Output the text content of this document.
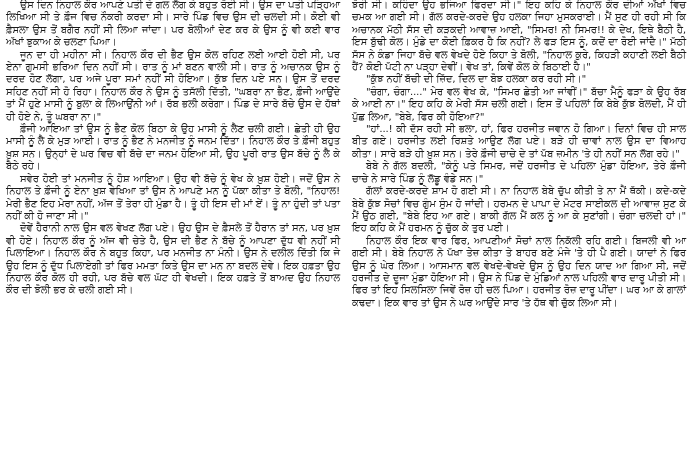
ਉਸ ਦਿਨ ਨਿਹਾਲ ਕੌਰ ਆਪਣੇ ਪਤੀ ਦੇ ਗਲ ਲੱਗ ਕੇ ਬਹੁਤ ਰੋਈ ਸੀ। ਉਸ ਦਾ ਪਤੀ ਪੜ੍ਹਿਆ ਲਿਖਿਆ ਸੀ ਤੇ ਫ਼ੌਜ ਵਿਚ ਨੌਕਰੀ ਕਰਦਾ ਸੀ। ਸਾਰੇ ਪਿੰਡ ਵਿਚ ਉਸ ਦੀ ਚਲਦੀ ਸੀ। ਕੋਈ ਵੀ ਫ਼ੈਸਲਾ ਉਸ ਤੋਂ ਬਗੈਰ ਨਹੀਂ ਸੀ ਲਿਆ ਜਾਂਦਾ। ਪਰ ਬੋਲੀਆਂ ਦੇਣ ਕਰ ਕੇ ਉਸ ਨੂੰ ਵੀ ਕਈ ਵਾਰ ਅੱਖਾਂ ਝੁਕਾਅ ਕੇ ਚਲਣਾ ਪਿਆ।

ਜੂਨ ਦਾ ਹੀ ਮਹੀਨਾ ਸੀ। ਨਿਹਾਲ ਕੌਰ ਦੀ ਭੈਣ ਉਸ ਕੋਲ ਰਹਿਣ ਲਈ ਆਈ ਹੋਈ ਸੀ, ਪਰ ਏਨਾ ਗੁਮਸੀ ਭਰਿਆ ਦਿਨ ਨਹੀਂ ਸੀ। ਰਾਤ ਨੂੰ ਮਾਂ ਬਣਨ ਵਾਲੀ ਸੀ। ਰਾਤ ਨੂੰ ਅਚਾਨਕ ਉਸ ਨੂੰ ਦਰਦ ਹੋਣ ਲੱਗਾ, ਪਰ ਅਜੇ ਪੂਰਾ ਸਮਾਂ ਨਹੀਂ ਸੀ ਹੋਇਆ। ਕੁੱਝ ਦਿਨ ਪਏ ਸਨ। ਉਸ ਤੋਂ ਦਰਦ ਸਹਿਣ ਨਹੀਂ ਸੀ ਹੋ ਰਿਹਾ। ਨਿਹਾਲ ਕੌਰ ਨੇ ਉਸ ਨੂੰ ਤਸੱਲੀ ਦਿੱਤੀ, "ਘਬਰਾ ਨਾ ਭੈਣ, ਫ਼ੌਜੀ ਆਉਂਦੇ ਤਾਂ ਮੈਂ ਹੁਣੇ ਮਾਸੀ ਨੂੰ ਬੁਲਾ ਕੇ ਲਿਆਉਂਨੀ ਆਂ। ਰੱਬ ਭਲੀ ਕਰੇਗਾ। ਪਿੰਡ ਦੇ ਸਾਰੇ ਬੱਚੇ ਉਸ ਦੇ ਹੱਥਾਂ ਹੀ ਹੋਏ ਨੇ, ਤੂੰ ਘਬਰਾ ਨਾ।"

ਫ਼ੌਜੀ ਆਇਆ ਤਾਂ ਉਸ ਨੂੰ ਭੈਣ ਕੋਲ ਬਿਠਾ ਕੇ ਉਹ ਮਾਸੀ ਨੂੰ ਲੈਣ ਚਲੀ ਗਈ। ਛੇਤੀ ਹੀ ਉਹ ਮਾਸੀ ਨੂੰ ਲੈ ਕੇ ਮੁੜ ਆਈ। ਰਾਤ ਨੂੰ ਭੈਣ ਨੇ ਮਨਜੀਤ ਨੂੰ ਜਨਮ ਦਿੱਤਾ। ਨਿਹਾਲ ਕੌਰ ਤੇ ਫ਼ੌਜੀ ਬਹੁਤ ਖ਼ੁਸ਼ ਸਨ। ਉਨ੍ਹਾਂ ਦੇ ਘਰ ਵਿਚ ਵੀ ਬੱਚੇ ਦਾ ਜਨਮ ਹੋਇਆ ਸੀ, ਉਹ ਪੂਰੀ ਰਾਤ ਉਸ ਬੱਚੇ ਨੂੰ ਲੈ ਕੇ ਬੈਠੇ ਰਹੇ।

ਸਵੇਰ ਹੋਈ ਤਾਂ ਮਨਜੀਤ ਨੂੰ ਹੋਸ਼ ਆਇਆ। ਉਹ ਵੀ ਬੱਚੇ ਨੂੰ ਵੇਖ ਕੇ ਖ਼ੁਸ਼ ਹੋਈ। ਜਦੋਂ ਉਸ ਨੇ ਨਿਹਾਲ ਤੇ ਫ਼ੌਜੀ ਨੂੰ ਏਨਾ ਖ਼ੁਸ਼ ਵੇਖਿਆ ਤਾਂ ਉਸ ਨੇ ਆਪਣੇ ਮਨ ਨੂੰ ਪੱਕਾ ਕੀਤਾ ਤੇ ਬੋਲੀ, "ਨਿਹਾਲ! ਮੇਰੀ ਭੈਣ ਇਹ ਮੇਰਾ ਨਹੀਂ, ਅੱਜ ਤੋਂ ਤੇਰਾ ਹੀ ਮੁੰਡਾ ਹੈ। ਤੂੰ ਹੀ ਇਸ ਦੀ ਮਾਂ ਏਂ। ਤੂੰ ਨਾ ਹੁੰਦੀ ਤਾਂ ਪਤਾ ਨਹੀਂ ਕੀ ਹੋ ਜਾਣਾ ਸੀ।"

ਦੋਵੇਂ ਹੈਰਾਨੀ ਨਾਲ ਉਸ ਵਲ ਵੇਖਣ ਲੱਗ ਪਏ। ਉਹ ਉਸ ਦੇ ਫ਼ੈਸਲੇ ਤੋਂ ਹੈਰਾਨ ਤਾਂ ਸਨ, ਪਰ ਖ਼ੁਸ਼ ਵੀ ਹੋਏ। ਨਿਹਾਲ ਕੌਰ ਨੂੰ ਅੱਜ ਵੀ ਚੇਤੇ ਹੈ, ਉਸ ਦੀ ਭੈਣ ਨੇ ਬੱਚੇ ਨੂੰ ਆਪਣਾ ਦੁੱਧ ਵੀ ਨਹੀਂ ਸੀ ਪਿਲਾਇਆ। ਨਿਹਾਲ ਕੌਰ ਨੇ ਬਹੁਤ ਕਿਹਾ, ਪਰ ਮਨਜੀਤ ਨਾ ਮੰਨੀ। ਉਸ ਨੇ ਦਲੀਲ ਦਿੱਤੀ ਕਿ ਜੇ ਉਹ ਇਸ ਨੂੰ ਦੁੱਧ ਪਿਲਾਏਗੀ ਤਾਂ ਫਿਰ ਮਮਤਾ ਕਿਤੇ ਉਸ ਦਾ ਮਨ ਨਾ ਬਦਲ ਦੇਵੇ। ਇਕ ਹਫ਼ਤਾ ਉਹ ਨਿਹਾਲ ਕੌਰ ਕੋਲ ਹੀ ਰਹੀ, ਪਰ ਬੱਚੇ ਵਲ ਘੱਟ ਹੀ ਵੇਖਦੀ। ਇਕ ਹਫ਼ਤੇ ਤੋਂ ਬਾਅਦ ਉਹ ਨਿਹਾਲ ਕੌਰ ਦੀ ਝੋਲੀ ਭਰ ਕੇ ਚਲੀ ਗਈ ਸੀ।

ਝੋਰੀ ਸੀ। ਕਹਿੰਦਾ ਉਹ ਭਜਿਆ ਫਿਰਦਾ ਸੀ।" ਇਹ ਕਹਿ ਕੇ ਨਿਹਾਲ ਕੌਰ ਦੀਆਂ ਅੱਖਾਂ ਵਿਚ ਚਮਕ ਆ ਗਈ ਸੀ। ਗੱਲ ਕਰਦੇ-ਕਰਦੇ ਉਹ ਹਲਕਾ ਜਿਹਾ ਮੁਸਕਰਾਈ। ਮੈਂ ਸੁਣ ਹੀ ਰਹੀ ਸੀ ਕਿ ਅਚਾਨਕ ਮੱਠੀ ਸੱਸ ਦੀ ਕੜਕਦੀ ਆਵਾਜ਼ ਆਈ, "ਸਿਮਰ! ਨੀ ਸਿਮਰ!! ਕੇ ਦੇਖ, ਇਥੇ ਬੈਠੀ ਹੈ, ਇਸ ਬੁੱਢੀ ਕੋਲ। ਮੁੰਡੇ ਦਾ ਕੋਈ ਫ਼ਿਕਰ ਹੈ ਕਿ ਨਹੀਂ? ਲੇ ਫੜ ਇਸ ਨੂੰ, ਕਦੋਂ ਦਾ ਰੋਈ ਜਾਂਦੈ।" ਮੱਠੀ ਸੱਸ ਨੇ ਕੰਡਾ ਜਿਹਾ ਬੱਚੇ ਵਲ ਵੇਖਦੇ ਹੋਏ ਕਿਹਾ ਤੇ ਬੋਲੀ, "ਨਿਹਾਲ ਕੁਰੇ, ਕਿਹੜੀ ਕਹਾਣੀ ਲਈ ਬੈਠੀ ਹੈਂ? ਕੋਈ ਪੱਟੀ ਨਾ ਪੜ੍ਹਾ ਦੇਵੀਂ। ਵੇਖ ਤਾਂ, ਕਿਵੇਂ ਕੋਲ ਕੇ ਬਿਠਾਈ ਹੈ।"

"ਕੁੱਝ ਨਹੀਂ ਬੱਚੀ ਦੀ ਜ਼ਿੱਦ, ਦਿਲ ਦਾ ਬੋਝ ਹਲਕਾ ਕਰ ਰਹੀ ਸੀ।"

"ਚੰਗਾ, ਚੰਗਾ...." ਮੇਰ ਵਲ ਵੇਖ ਕੇ, "ਸਿਮਰ ਛੇਤੀ ਆ ਜਾਂਵੀਂ।" ਬੱਚਾ ਮੈਨੂੰ ਫੜਾ ਕੇ ਉਹ ਰੱਬ ਕੇ ਆਈ ਨਾ।" ਇਹ ਕਹਿ ਕੇ ਮੇਰੀ ਸੱਸ ਚਲੀ ਗਈ। ਇਸ ਤੋਂ ਪਹਿਲਾਂ ਕਿ ਬੇਬੇ ਕੁੱਝ ਬੋਲਦੀ, ਮੈਂ ਹੀ ਪੁੱਛ ਲਿਆ, "ਬੇਬੇ, ਫਿਰ ਕੀ ਹੋਇਆ?"

"ਹਾਂ...! ਕੀ ਦੱਸ ਰਹੀ ਸੀ ਭਲਾ, ਹਾਂ, ਫਿਰ ਹਰਜੀਤ ਜਵਾਨ ਹੋ ਗਿਆ। ਦਿਨਾਂ ਵਿਚ ਹੀ ਸਾਲ ਬੀਤ ਗਏ। ਹਰਜੀਤ ਲਈ ਰਿਸ਼ਤੇ ਆਉਣ ਲੱਗ ਪਏ। ਬੜੇ ਹੀ ਚਾਵਾਂ ਨਾਲ ਉਸ ਦਾ ਵਿਆਹ ਕੀਤਾ। ਸਾਰੇ ਬੜੇ ਹੀ ਖ਼ੁਸ਼ ਸਨ। ਤੇਰੇ ਫ਼ੌਜੀ ਚਾਚੇ ਦੇ ਤਾਂ ਪੱਬ ਜ਼ਮੀਨ 'ਤੇ ਹੀ ਨਹੀਂ ਸਨ ਲੱਗ ਰਹੇ।"

ਬੇਬੇ ਨੇ ਗੱਲ ਬਦਲੀ, "ਕੇਨੂੰ ਪਤੇ ਸਿਮਰ, ਜਦੋਂ ਹਰਜੀਤ ਦੇ ਪਹਿਲਾ ਮੁੰਡਾ ਹੋਇਆ, ਤੇਰੇ ਫ਼ੌਜੀ ਚਾਚੇ ਨੇ ਸਾਰੇ ਪਿੰਡ ਨੂੰ ਲੱਡੂ ਵੰਡੇ ਸਨ।"

ਗੱਲਾਂ ਕਰਦੇ-ਕਰਦੇ ਸ਼ਾਮ ਹੋ ਗਈ ਸੀ। ਨਾ ਨਿਹਾਲ ਬੇਬੇ ਚੁੱਪ ਕੀਤੀ ਤੇ ਨਾ ਮੈਂ ਥੱਕੀ। ਕਦੇ-ਕਦੇ ਬੇਬੇ ਕੁੱਝ ਸੋਚਾਂ ਵਿਚ ਗੁੰਮ ਸੁੰਮ ਹੋ ਜਾਂਦੀ। ਹਰਮਨ ਦੇ ਪਾਪਾ ਦੇ ਮੋਟਰ ਸਾਈਕਲ ਦੀ ਆਵਾਜ਼ ਸੁਣ ਕੇ ਮੈਂ ਉਠ ਗਈ, "ਬੇਬੇ ਇਹ ਆ ਗਏ। ਬਾਕੀ ਗੱਲ ਮੈਂ ਕਲ ਨੂੰ ਆ ਕੇ ਸੁਣਾਂਗੀ। ਚੰਗਾ ਚਲਦੀ ਹਾਂ।" ਇਹ ਕਹਿ ਕੇ ਮੈਂ ਹਰਮਨ ਨੂੰ ਚੁੱਕ ਕੇ ਤੁਰ ਪਈ।

ਨਿਹਾਲ ਕੌਰ ਇਕ ਵਾਰ ਫਿਰ, ਆਪਣੀਆਂ ਸੋਚਾਂ ਨਾਲ ਨਿਕੱਲੀ ਰਹਿ ਗਈ। ਬਿਜਲੀ ਵੀ ਆ ਗਈ ਸੀ। ਬੇਬੇ ਨਿਹਾਲ ਨੇ ਪੱਖਾ ਤੇਜ਼ ਕੀਤਾ ਤੇ ਬਾਹਰ ਬਣੇ ਮੰਜੇ 'ਤੇ ਹੀ ਪੈ ਗਈ। ਯਾਦਾਂ ਨੇ ਫਿਰ ਉਸ ਨੂੰ ਘੇਰ ਲਿਆ। ਆਸਮਾਨ ਵਲ ਵੇਖਦੇ-ਵੇਖਦੇ ਉਸ ਨੂੰ ਉਹ ਦਿਨ ਯਾਦ ਆ ਗਿਆ ਸੀ, ਜਦੋਂ ਹਰਜੀਤ ਦੇ ਦੂਜਾ ਮੁੰਡਾ ਹੋਇਆ ਸੀ। ਉਸ ਨੇ ਪਿੰਡ ਦੇ ਮੁੰਡਿਆਂ ਨਾਲ ਪਹਿਲੀ ਵਾਰ ਦਾਰੂ ਪੀਤੀ ਸੀ। ਫਿਰ ਤਾਂ ਇਹ ਸਿਲਸਿਲਾ ਜਿਵੇਂ ਰੋਜ਼ ਹੀ ਚਲ ਪਿਆ। ਹਰਜੀਤ ਰੋਜ਼ ਦਾਰੂ ਪੀਂਦਾ। ਘਰ ਆ ਕੇ ਗਾਲਾਂ ਕਢਦਾ। ਇਕ ਵਾਰ ਤਾਂ ਉਸ ਨੇ ਘਰ ਆਉਂਦੇ ਸਾਰ 'ਤੇ ਹੱਥ ਵੀ ਚੁੱਕ ਲਿਆ ਸੀ।
